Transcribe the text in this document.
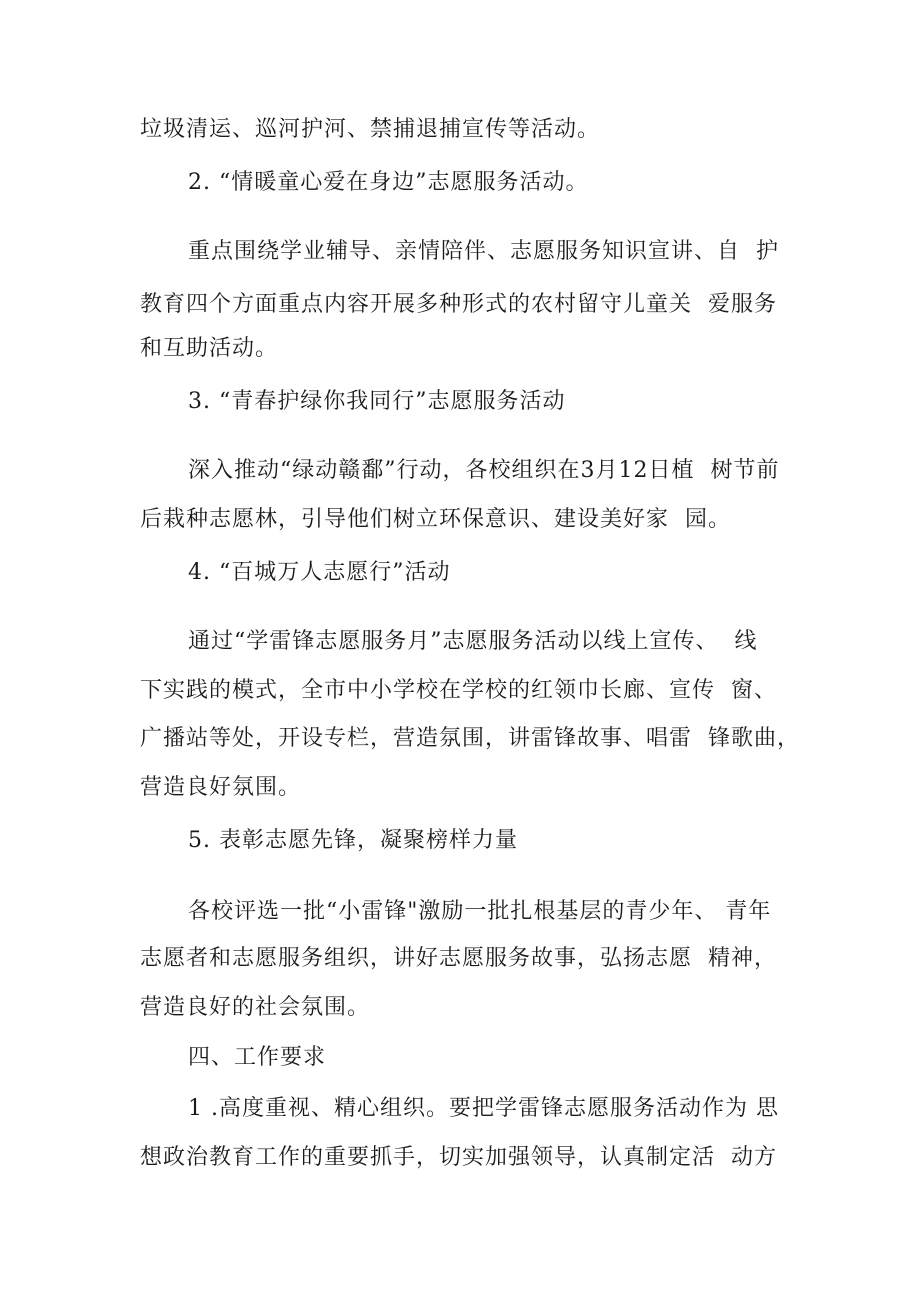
垃圾清运、巡河护河、禁捕退捕宣传等活动。
2. “情暖童心爱在身边”志愿服务活动。
重点围绕学业辅导、亲情陪伴、志愿服务知识宣讲、自  护
教育四个方面重点内容开展多种形式的农村留守儿童关  爱服务
和互助活动。
3. “青春护绿你我同行”志愿服务活动
深入推动“绿动赣鄱”行动，各校组织在3月12日植  树节前
后栽种志愿林，引导他们树立环保意识、建设美好家  园。
4. “百城万人志愿行”活动
通过“学雷锋志愿服务月”志愿服务活动以线上宣传、  线
下实践的模式，全市中小学校在学校的红领巾长廊、宣传  窗、
广播站等处，开设专栏，营造氛围，讲雷锋故事、唱雷  锋歌曲，
营造良好氛围。
5. 表彰志愿先锋，凝聚榜样力量
各校评选一批“小雷锋"激励一批扎根基层的青少年、 青年
志愿者和志愿服务组织，讲好志愿服务故事，弘扬志愿  精神，
营造良好的社会氛围。
四、工作要求
1 .高度重视、精心组织。要把学雷锋志愿服务活动作为 思
想政治教育工作的重要抓手，切实加强领导，认真制定活  动方
